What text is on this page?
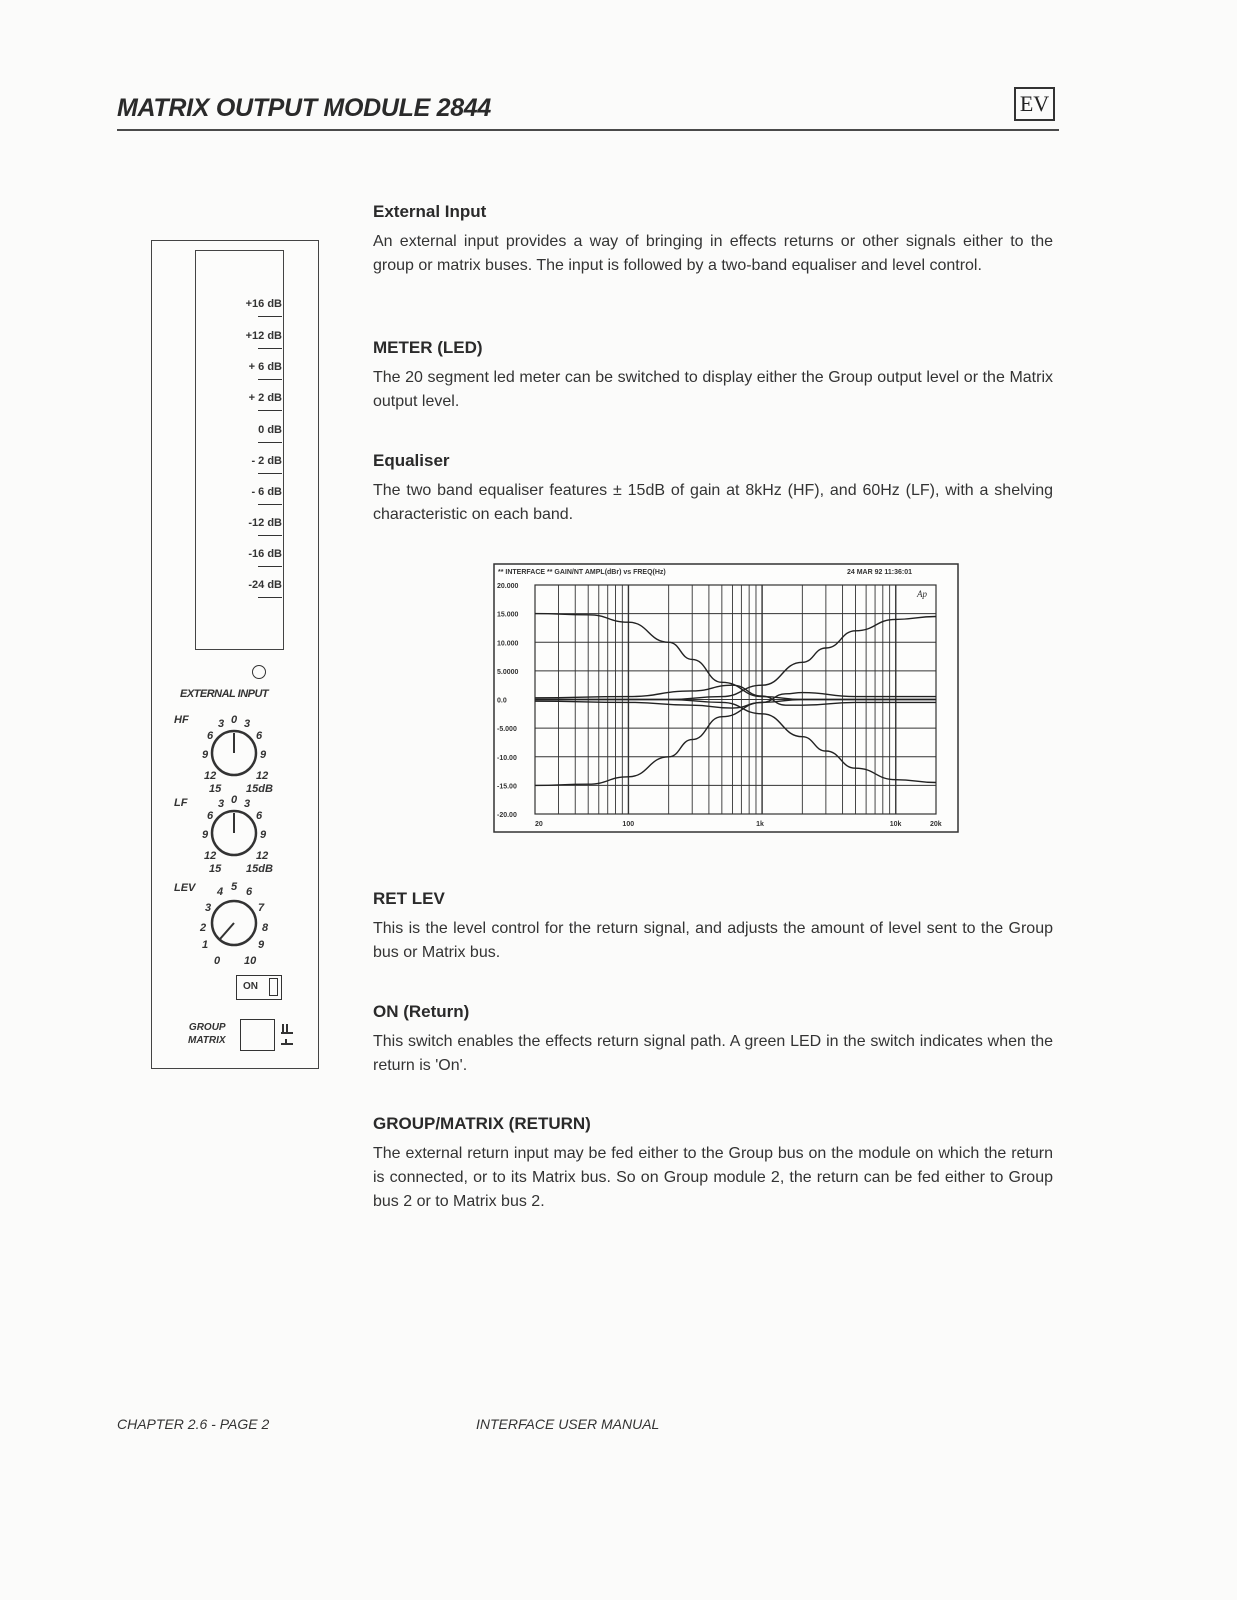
MATRIX OUTPUT MODULE 2844	EV
+16 dB
+12 dB
+ 6 dB
+ 2 dB
0 dB
- 2 dB
- 6 dB
-12 dB
-16 dB
-24 dB
EXTERNAL INPUT
HF
15
12
9
6
3 0 3
6
9
12
15dB
LF
15
12
9
6
3 0 3
6
9
12
15dB
LEV
0
1
2
3
4 5 6
7
8
9
10
ON
GROUP
MATRIX
External Input

An external input provides a way of bringing in effects returns or other signals either to the group or matrix buses. The input is followed by a two-band equaliser and level control.

METER (LED)

The 20 segment led meter can be switched to display either the Group output level or the Matrix output level.

Equaliser

The two band equaliser features ± 15dB of gain at 8kHz (HF), and 60Hz (LF), with a shelving characteristic on each band.

RET LEV

This is the level control for the return signal, and adjusts the amount of level sent to the Group bus or Matrix bus.

ON (Return)

This switch enables the effects return signal path. A green LED in the switch indicates when the return is 'On'.

GROUP/MATRIX (RETURN)

The external return input may be fed either to the Group bus on the module on which the return is connected, or to its Matrix bus. So on Group module 2, the return can be fed either to Group bus 2 or to Matrix bus 2.

20.000
15.000
10.000
5.0000
0.0
-5.000
-10.00
-15.00
-20.00
20	100	1k	10k	20k
** INTERFACE ** GAIN/NT AMPL(dBr) vs FREQ(Hz)	24 MAR 92 11:36:01
Ap
CHAPTER 2.6 - PAGE 2	INTERFACE USER MANUAL
